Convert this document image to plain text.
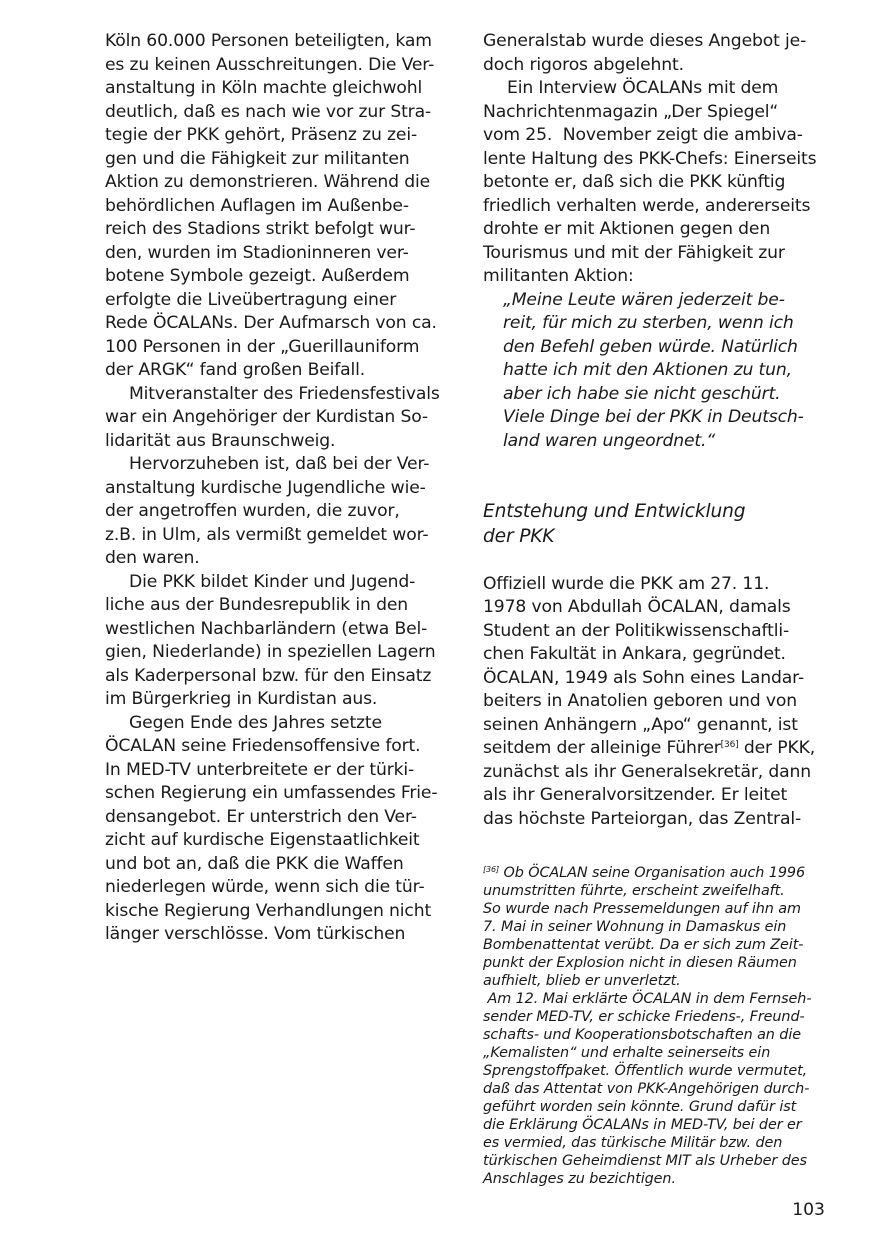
Köln 60.000 Personen beteiligten, kam
es zu keinen Ausschreitungen. Die Ver-
anstaltung in Köln machte gleichwohl
deutlich, daß es nach wie vor zur Stra-
tegie der PKK gehört, Präsenz zu zei-
gen und die Fähigkeit zur militanten
Aktion zu demonstrieren. Während die
behördlichen Auflagen im Außenbe-
reich des Stadions strikt befolgt wur-
den, wurden im Stadioninneren ver-
botene Symbole gezeigt. Außerdem
erfolgte die Liveübertragung einer
Rede ÖCALANs. Der Aufmarsch von ca.
100 Personen in der „Guerillauniform
der ARGK“ fand großen Beifall.
Mitveranstalter des Friedensfestivals
war ein Angehöriger der Kurdistan So-
lidarität aus Braunschweig.
Hervorzuheben ist, daß bei der Ver-
anstaltung kurdische Jugendliche wie-
der angetroffen wurden, die zuvor,
z.B. in Ulm, als vermißt gemeldet wor-
den waren.
Die PKK bildet Kinder und Jugend-
liche aus der Bundesrepublik in den
westlichen Nachbarländern (etwa Bel-
gien, Niederlande) in speziellen Lagern
als Kaderpersonal bzw. für den Einsatz
im Bürgerkrieg in Kurdistan aus.
Gegen Ende des Jahres setzte
ÖCALAN seine Friedensoffensive fort.
In MED-TV unterbreitete er der türki-
schen Regierung ein umfassendes Frie-
densangebot. Er unterstrich den Ver-
zicht auf kurdische Eigenstaatlichkeit
und bot an, daß die PKK die Waffen
niederlegen würde, wenn sich die tür-
kische Regierung Verhandlungen nicht
länger verschlösse. Vom türkischen
Generalstab wurde dieses Angebot je-
doch rigoros abgelehnt.
Ein Interview ÖCALANs mit dem
Nachrichtenmagazin „Der Spiegel“
vom 25.  November zeigt die ambiva-
lente Haltung des PKK-Chefs: Einerseits
betonte er, daß sich die PKK künftig
friedlich verhalten werde, andererseits
drohte er mit Aktionen gegen den
Tourismus und mit der Fähigkeit zur
militanten Aktion:
„Meine Leute wären jederzeit be-
reit, für mich zu sterben, wenn ich
den Befehl geben würde. Natürlich
hatte ich mit den Aktionen zu tun,
aber ich habe sie nicht geschürt.
Viele Dinge bei der PKK in Deutsch-
land waren ungeordnet.“
Entstehung und Entwicklung
der PKK
Offiziell wurde die PKK am 27. 11.
1978 von Abdullah ÖCALAN, damals
Student an der Politikwissenschaftli-
chen Fakultät in Ankara, gegründet.
ÖCALAN, 1949 als Sohn eines Landar-
beiters in Anatolien geboren und von
seinen Anhängern „Apo“ genannt, ist
seitdem der alleinige Führer[36] der PKK,
zunächst als ihr Generalsekretär, dann
als ihr Generalvorsitzender. Er leitet
das höchste Parteiorgan, das Zentral-
[36] Ob ÖCALAN seine Organisation auch 1996
unumstritten führte, erscheint zweifelhaft.
So wurde nach Pressemeldungen auf ihn am
7. Mai in seiner Wohnung in Damaskus ein
Bombenattentat verübt. Da er sich zum Zeit-
punkt der Explosion nicht in diesen Räumen
aufhielt, blieb er unverletzt.
Am 12. Mai erklärte ÖCALAN in dem Fernseh-
sender MED-TV, er schicke Friedens-, Freund-
schafts- und Kooperationsbotschaften an die
„Kemalisten“ und erhalte seinerseits ein
Sprengstoffpaket. Öffentlich wurde vermutet,
daß das Attentat von PKK-Angehörigen durch-
geführt worden sein könnte. Grund dafür ist
die Erklärung ÖCALANs in MED-TV, bei der er
es vermied, das türkische Militär bzw. den
türkischen Geheimdienst MIT als Urheber des
Anschlages zu bezichtigen.
103
